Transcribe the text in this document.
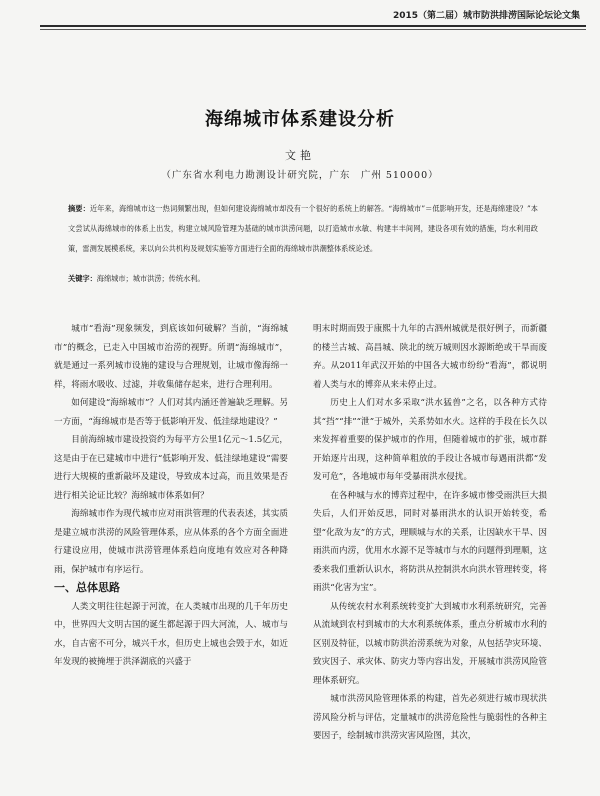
2015（第二届）城市防洪排涝国际论坛论文集
海绵城市体系建设分析
文艳
（广东省水利电力勘测设计研究院，广东　广州 510000）
摘要：近年来，海绵城市这一热词频繁出现，但如何建设海绵城市却没有一个很好的系统上的解答。“海绵城市”＝低影响开发，还是海绵建设？”本文尝试从海绵城市的体系上出发，构建立城风险管理为基础的城市洪涝问题，以打造城市水敏、构建丰丰间网，建设各项有效的措施，均水利用政策，雷测发展模系统，来以向公共机构及规划实施等方面进行全面的海绵城市洪潮整体系统论述。
关键字：海绵城市；城市洪涝；传统水利。

城市“看海”现象频发，到底该如何破解？当前，“海绵城市”的概念，已走入中国城市治涝的视野。所谓“海绵城市”，就是通过一系列城市设施的建设与合理规划，让城市像海绵一样，将雨水吸收、过滤，并收集储存起来，进行合理利用。

如何建设“海绵城市”？人们对其内涵还普遍缺乏理解。另一方面，“海绵城市是否等于低影响开发、低洼绿地建设？”

目前海绵城市建设投资约为每平方公里1亿元～1.5亿元，这是由于在已建城市中进行“低影响开发、低洼绿地建设”需要进行大规模的重新敲坏及建设，导致成本过高，而且效果是否进行相关论证比较？海绵城市体系如何？

海绵城市作为现代城市应对雨洪管理的代表表述，其实质是建立城市洪涝的风险管理体系，应从体系的各个方面全面进行建设应用，使城市洪涝管理体系趋向度地有效应对各种降雨，保护城市有序运行。

一、总体思路

人类文明往往起源于河流，在人类城市出现的几千年历史中，世界四大文明古国的诞生都起源于四大河流，人、城市与水，自古密不可分，城兴千水，但历史上城也会毁于水，如近年发现的被掩埋于洪泽湖底的兴盛于

明末时期而毁于康熙十九年的古泗州城就是很好例子，而新疆的楼兰古城、高昌城、陕北的统万城则因水源断绝或干旱而废弃。从2011年武汉开始的中国各大城市纷纷“看海”，都说明着人类与水的博弈从来未停止过。

历史上人们对水多采取“洪水猛兽”之名，以各种方式待其“挡”“排”“泄”于城外，关系势如水火。这样的手段在长久以来发挥着重要的保护城市的作用，但随着城市的扩张，城市群开始逐片出现，这种简单粗放的手段让各城市每遇雨洪都“发发可危”，各地城市每年受暴雨洪水侵扰。

在各种城与水的博弈过程中，在许多城市惨受雨洪巨大损失后，人们开始反思，同时对暴雨洪水的认识开始转变，希望“化敌为友”的方式，理顺城与水的关系，让因缺水干旱、因雨洪而内涝，优用水水源不足等城市与水的问题得到理顺，这委来我们重新认识水，将防洪从控制洪水向洪水管理转变，将雨洪“化害为宝”。

从传统农村水利系统转变扩大到城市水利系统研究，完善从流域到农村到城市的大水利系统体系，重点分析城市水利的区别及特征，以城市防洪治涝系统为对象，从包括孕灾环境、致灾因子、承灾体、防灾力等内容出发，开展城市洪涝风险管理体系研究。

城市洪涝风险管理体系的构建，首先必须进行城市现状洪涝风险分析与评估，定量城市的洪涝危险性与脆弱性的各种主要因子，绘制城市洪涝灾害风险图，其次，
